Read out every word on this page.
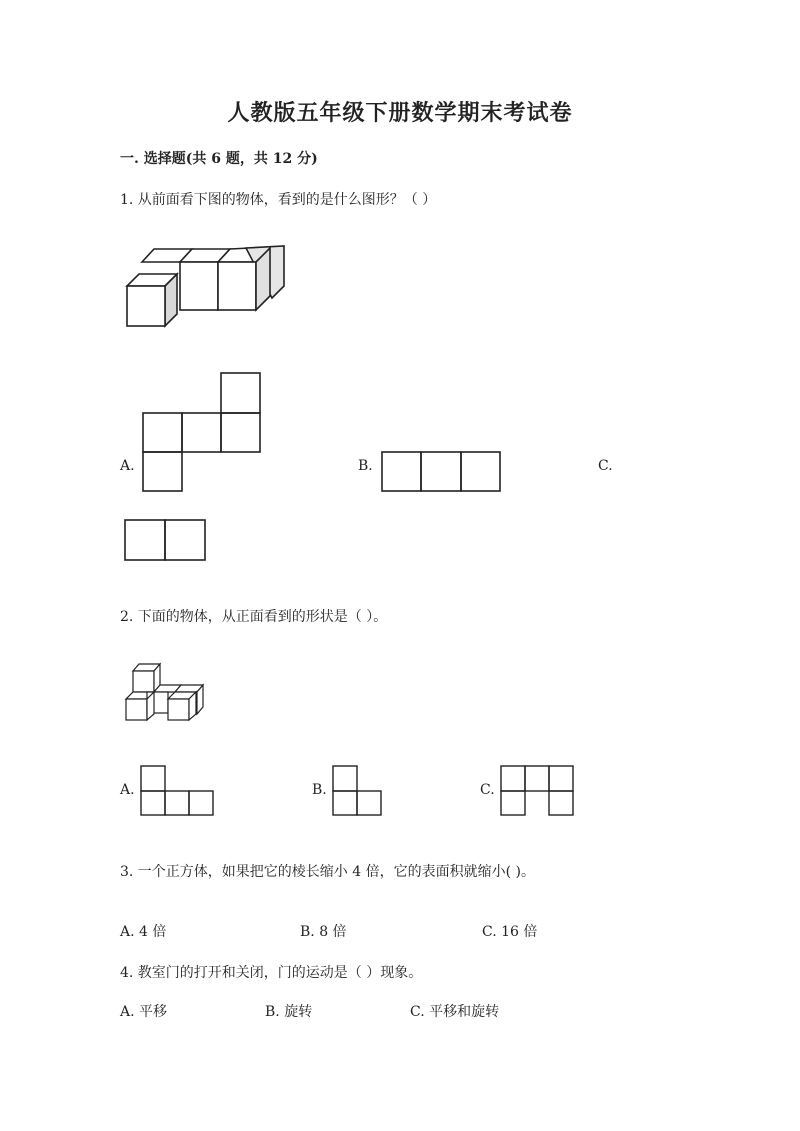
人教版五年级下册数学期末考试卷
一. 选择题(共 6 题，共 12 分)
1. 从前面看下图的物体，看到的是什么图形？（ ）
A.	B.	C.
2. 下面的物体，从正面看到的形状是（ ）。
A.	B.	C.
3. 一个正方体，如果把它的棱长缩小 4 倍，它的表面积就缩小( )。
A. 4 倍	B. 8 倍	C. 16 倍
4. 教室门的打开和关闭，门的运动是（ ）现象。
A. 平移	B. 旋转	C. 平移和旋转
